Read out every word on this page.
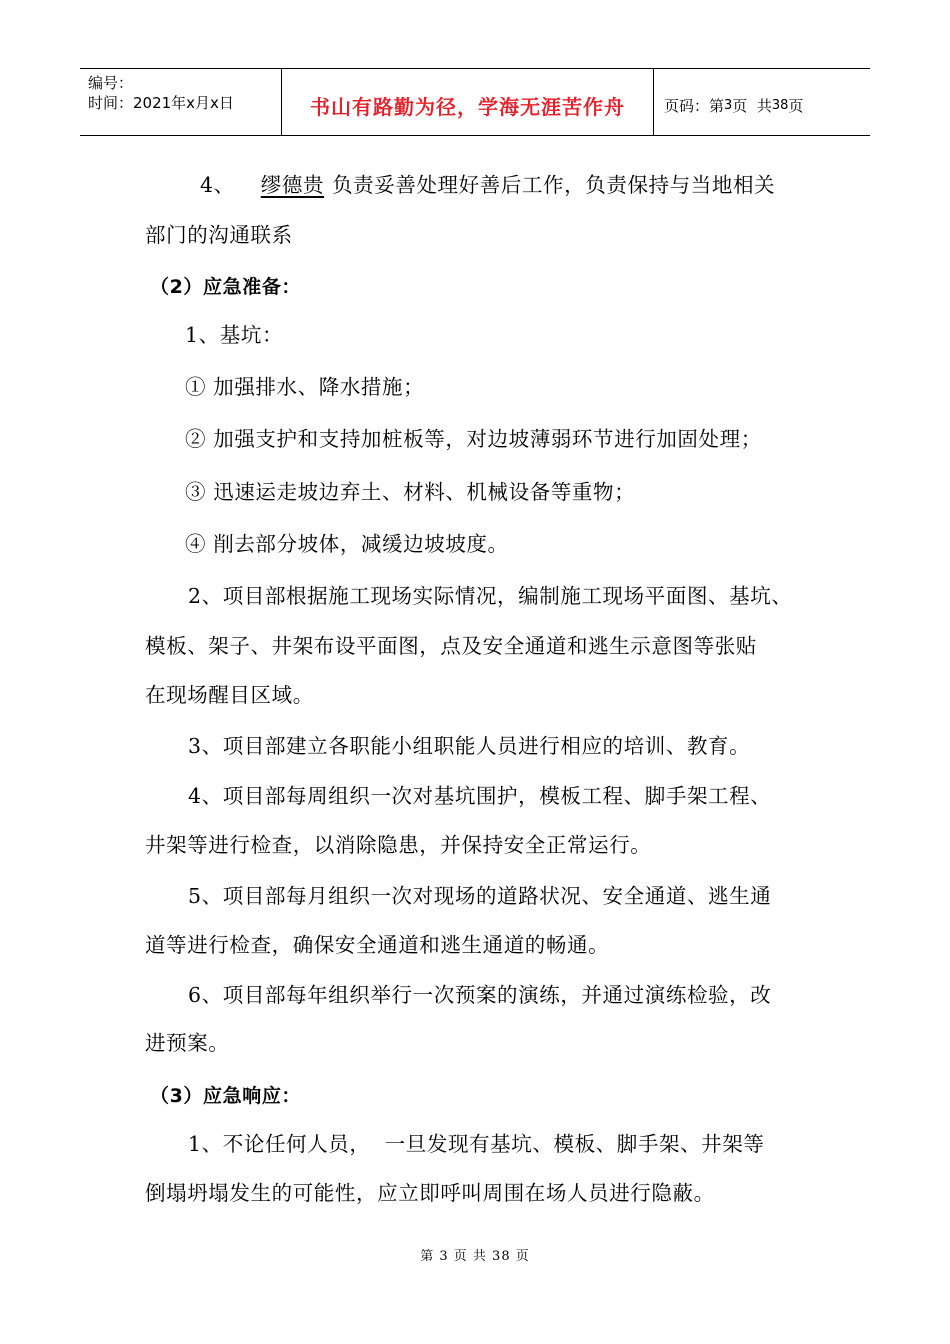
编号：
时间：2021年x月x日	书山有路勤为径，学海无涯苦作舟	页码：第 3 页  共 38 页
4、 缪德贵 负责妥善处理好善后工作，负责保持与当地相关
部门的沟通联系
（2）应急准备：
1、基坑：
① 加强排水、降水措施；
② 加强支护和支持加桩板等，对边坡薄弱环节进行加固处理；
③ 迅速运走坡边弃土、材料、机械设备等重物；
④ 削去部分坡体，减缓边坡坡度。
2、项目部根据施工现场实际情况，编制施工现场平面图、基坑、
模板、架子、井架布设平面图，点及安全通道和逃生示意图等张贴
在现场醒目区域。
3、项目部建立各职能小组职能人员进行相应的培训、教育。
4、项目部每周组织一次对基坑围护，模板工程、脚手架工程、
井架等进行检查，以消除隐患，并保持安全正常运行。
5、项目部每月组织一次对现场的道路状况、安全通道、逃生通
道等进行检查，确保安全通道和逃生通道的畅通。
6、项目部每年组织举行一次预案的演练，并通过演练检验，改
进预案。
（3）应急响应：
1、不论任何人员，  一旦发现有基坑、模板、脚手架、井架等
倒塌坍塌发生的可能性，应立即呼叫周围在场人员进行隐蔽。
第 3 页 共 38 页
